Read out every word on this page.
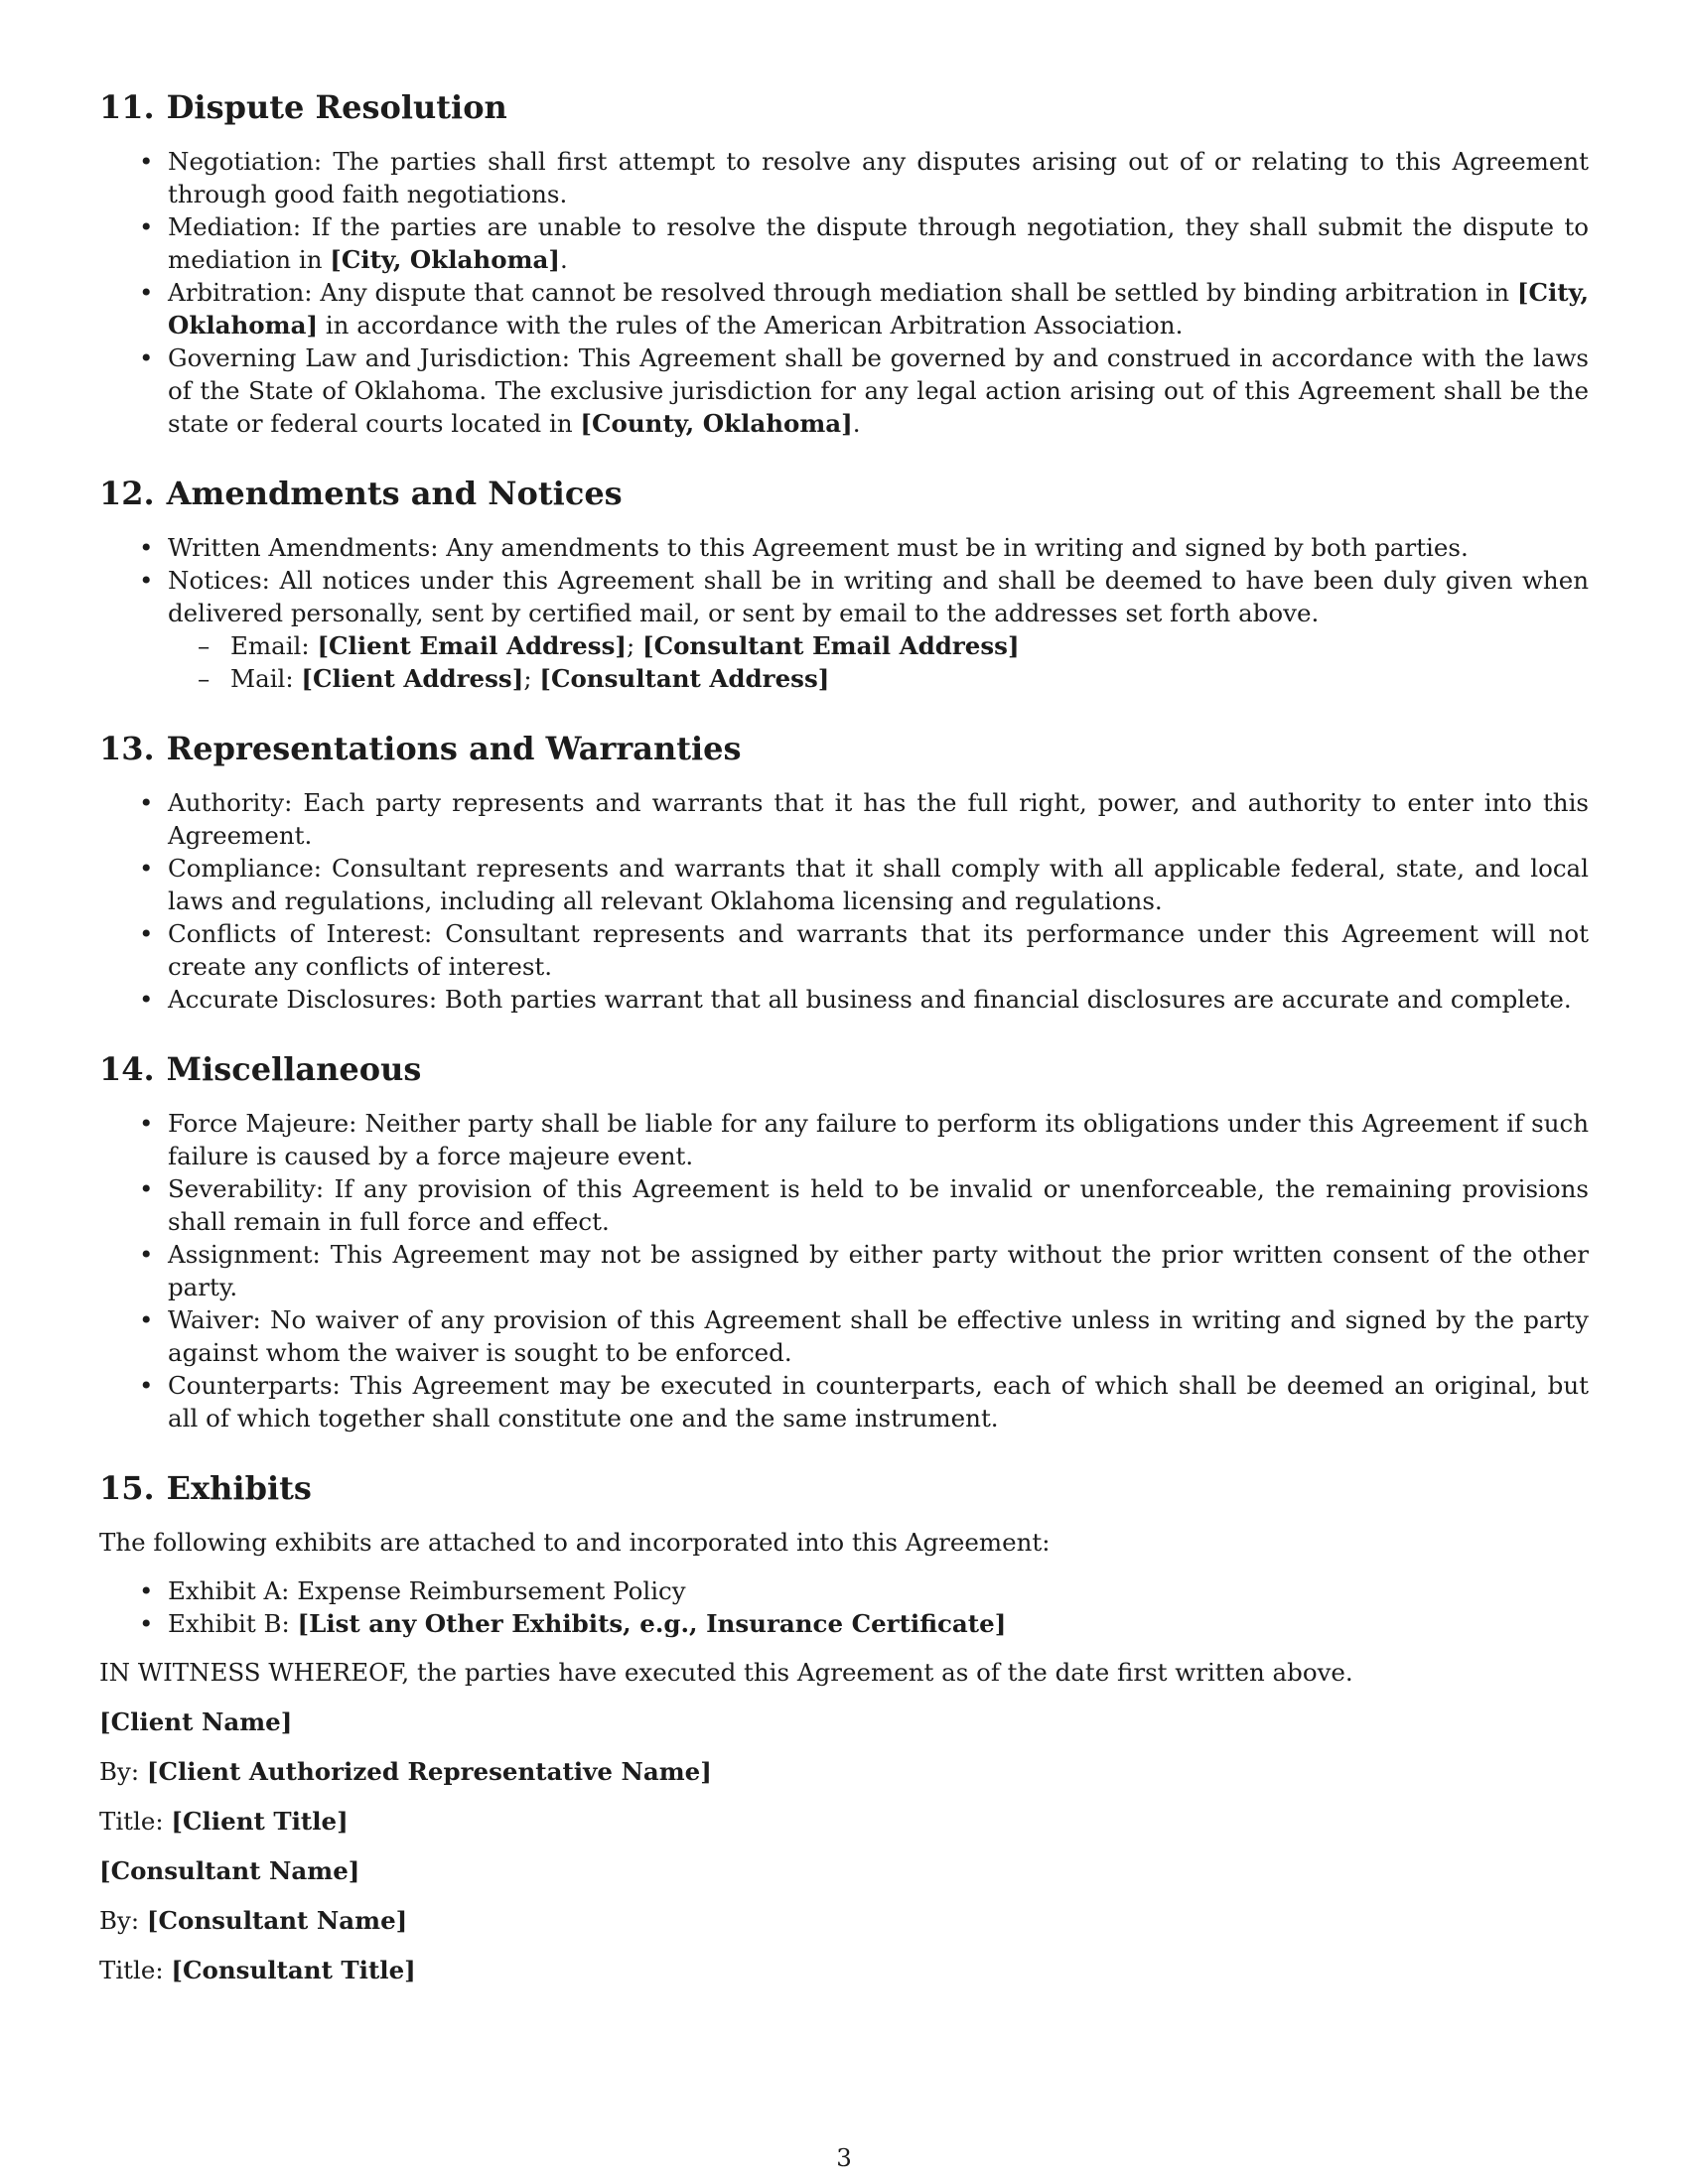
11. Dispute Resolution
• Negotiation: The parties shall first attempt to resolve any disputes arising out of or relating to this Agreement through good faith negotiations.
• Mediation: If the parties are unable to resolve the dispute through negotiation, they shall submit the dispute to mediation in [City, Oklahoma].
• Arbitration: Any dispute that cannot be resolved through mediation shall be settled by binding arbitration in [City, Oklahoma] in accordance with the rules of the American Arbitration Association.
• Governing Law and Jurisdiction: This Agreement shall be governed by and construed in accordance with the laws of the State of Oklahoma. The exclusive jurisdiction for any legal action arising out of this Agreement shall be the state or federal courts located in [County, Oklahoma].
12. Amendments and Notices
• Written Amendments: Any amendments to this Agreement must be in writing and signed by both parties.
• Notices: All notices under this Agreement shall be in writing and shall be deemed to have been duly given when delivered personally, sent by certified mail, or sent by email to the addresses set forth above.
– Email: [Client Email Address]; [Consultant Email Address]
– Mail: [Client Address]; [Consultant Address]
13. Representations and Warranties
• Authority: Each party represents and warrants that it has the full right, power, and authority to enter into this Agreement.
• Compliance: Consultant represents and warrants that it shall comply with all applicable federal, state, and local laws and regulations, including all relevant Oklahoma licensing and regulations.
• Conflicts of Interest: Consultant represents and warrants that its performance under this Agreement will not create any conflicts of interest.
• Accurate Disclosures: Both parties warrant that all business and financial disclosures are accurate and complete.
14. Miscellaneous
• Force Majeure: Neither party shall be liable for any failure to perform its obligations under this Agreement if such failure is caused by a force majeure event.
• Severability: If any provision of this Agreement is held to be invalid or unenforceable, the remaining provisions shall remain in full force and effect.
• Assignment: This Agreement may not be assigned by either party without the prior written consent of the other party.
• Waiver: No waiver of any provision of this Agreement shall be effective unless in writing and signed by the party against whom the waiver is sought to be enforced.
• Counterparts: This Agreement may be executed in counterparts, each of which shall be deemed an original, but all of which together shall constitute one and the same instrument.
15. Exhibits

The following exhibits are attached to and incorporated into this Agreement:

• Exhibit A: Expense Reimbursement Policy
• Exhibit B: [List any Other Exhibits, e.g., Insurance Certificate]

IN WITNESS WHEREOF, the parties have executed this Agreement as of the date first written above.

[Client Name]

By: [Client Authorized Representative Name]

Title: [Client Title]

[Consultant Name]

By: [Consultant Name]

Title: [Consultant Title]

3
